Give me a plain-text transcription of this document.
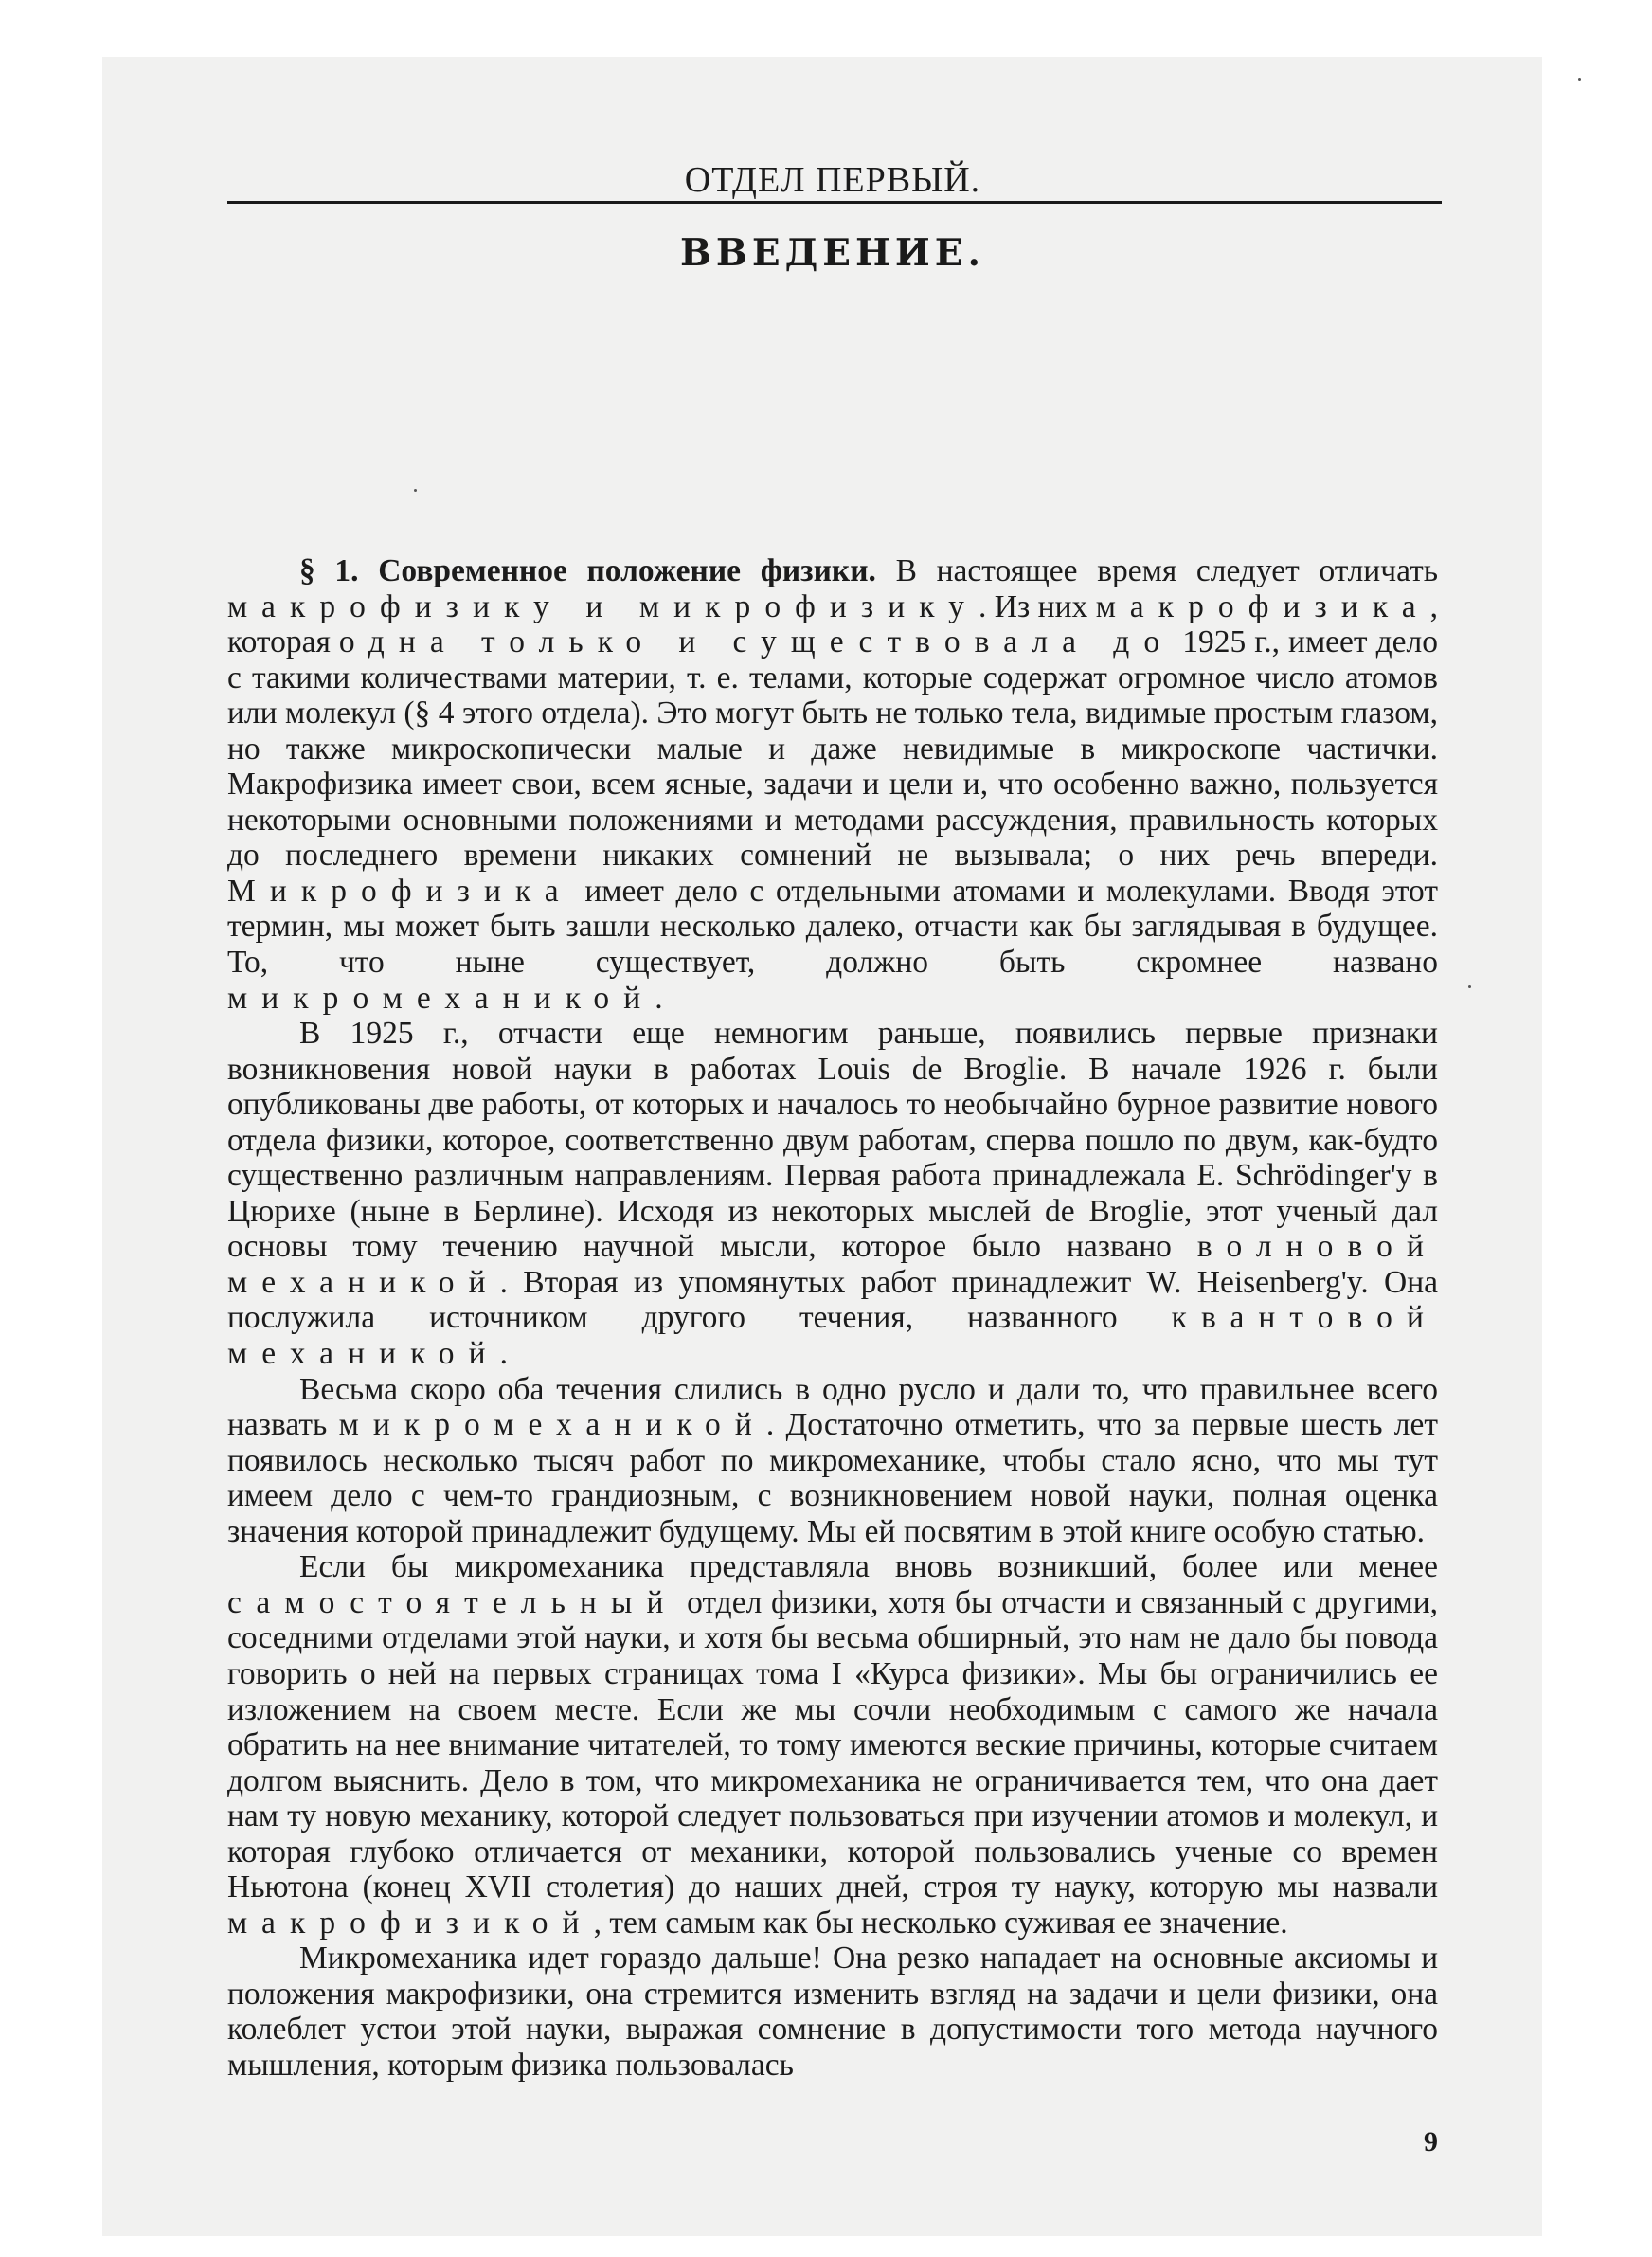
ОТДЕЛ ПЕРВЫЙ.
ВВЕДЕНИЕ.

§ 1. Современное положение физики. В настоящее время следует отличать макрофизику и микрофизику. Из них макрофизика, которая одна только и существовала до 1925 г., имеет дело с такими количествами материи, т. е. телами, которые содержат огромное число атомов или молекул (§ 4 этого отдела). Это могут быть не только тела, видимые простым глазом, но также микроскопически малые и даже невидимые в микроскопе частички. Макрофизика имеет свои, всем ясные, задачи и цели и, что особенно важно, пользуется некоторыми основными положениями и методами рассуждения, правильность которых до последнего времени никаких сомнений не вызывала; о них речь впереди. Микрофизика имеет дело с отдельными атомами и молекулами. Вводя этот термин, мы может быть зашли несколько далеко, отчасти как бы заглядывая в будущее. То, что ныне существует, должно быть скромнее названо микромеханикой.

В 1925 г., отчасти еще немногим раньше, появились первые признаки возникновения новой науки в работах Louis de Broglie. В начале 1926 г. были опубликованы две работы, от которых и началось то необычайно бурное развитие нового отдела физики, которое, соответственно двум работам, сперва пошло по двум, как-будто существенно различным направлениям. Первая работа принадлежала E. Schrödinger'y в Цюрихе (ныне в Берлине). Исходя из некоторых мыслей de Broglie, этот ученый дал основы тому течению научной мысли, которое было названо волновой механикой. Вторая из упомянутых работ принадлежит W. Heisenberg'y. Она послужила источником другого течения, названного квантовой механикой.

Весьма скоро оба течения слились в одно русло и дали то, что правильнее всего назвать микромеханикой. Достаточно отметить, что за первые шесть лет появилось несколько тысяч работ по микромеханике, чтобы стало ясно, что мы тут имеем дело с чем-то грандиозным, с возникновением новой науки, полная оценка значения которой принадлежит будущему. Мы ей посвятим в этой книге особую статью.

Если бы микромеханика представляла вновь возникший, более или менее самостоятельный отдел физики, хотя бы отчасти и связанный с другими, соседними отделами этой науки, и хотя бы весьма обширный, это нам не дало бы повода говорить о ней на первых страницах тома I «Курса физики». Мы бы ограничились ее изложением на своем месте. Если же мы сочли необходимым с самого же начала обратить на нее внимание читателей, то тому имеются веские причины, которые считаем долгом выяснить. Дело в том, что микромеханика не ограничивается тем, что она дает нам ту новую механику, которой следует пользоваться при изучении атомов и молекул, и которая глубоко отличается от механики, которой пользовались ученые со времен Ньютона (конец XVII столетия) до наших дней, строя ту науку, которую мы назвали макрофизикой, тем самым как бы несколько суживая ее значение.

Микромеханика идет гораздо дальше! Она резко нападает на основные аксиомы и положения макрофизики, она стремится изменить взгляд на задачи и цели физики, она колеблет устои этой науки, выражая сомнение в допустимости того метода научного мышления, которым физика пользовалась

9
